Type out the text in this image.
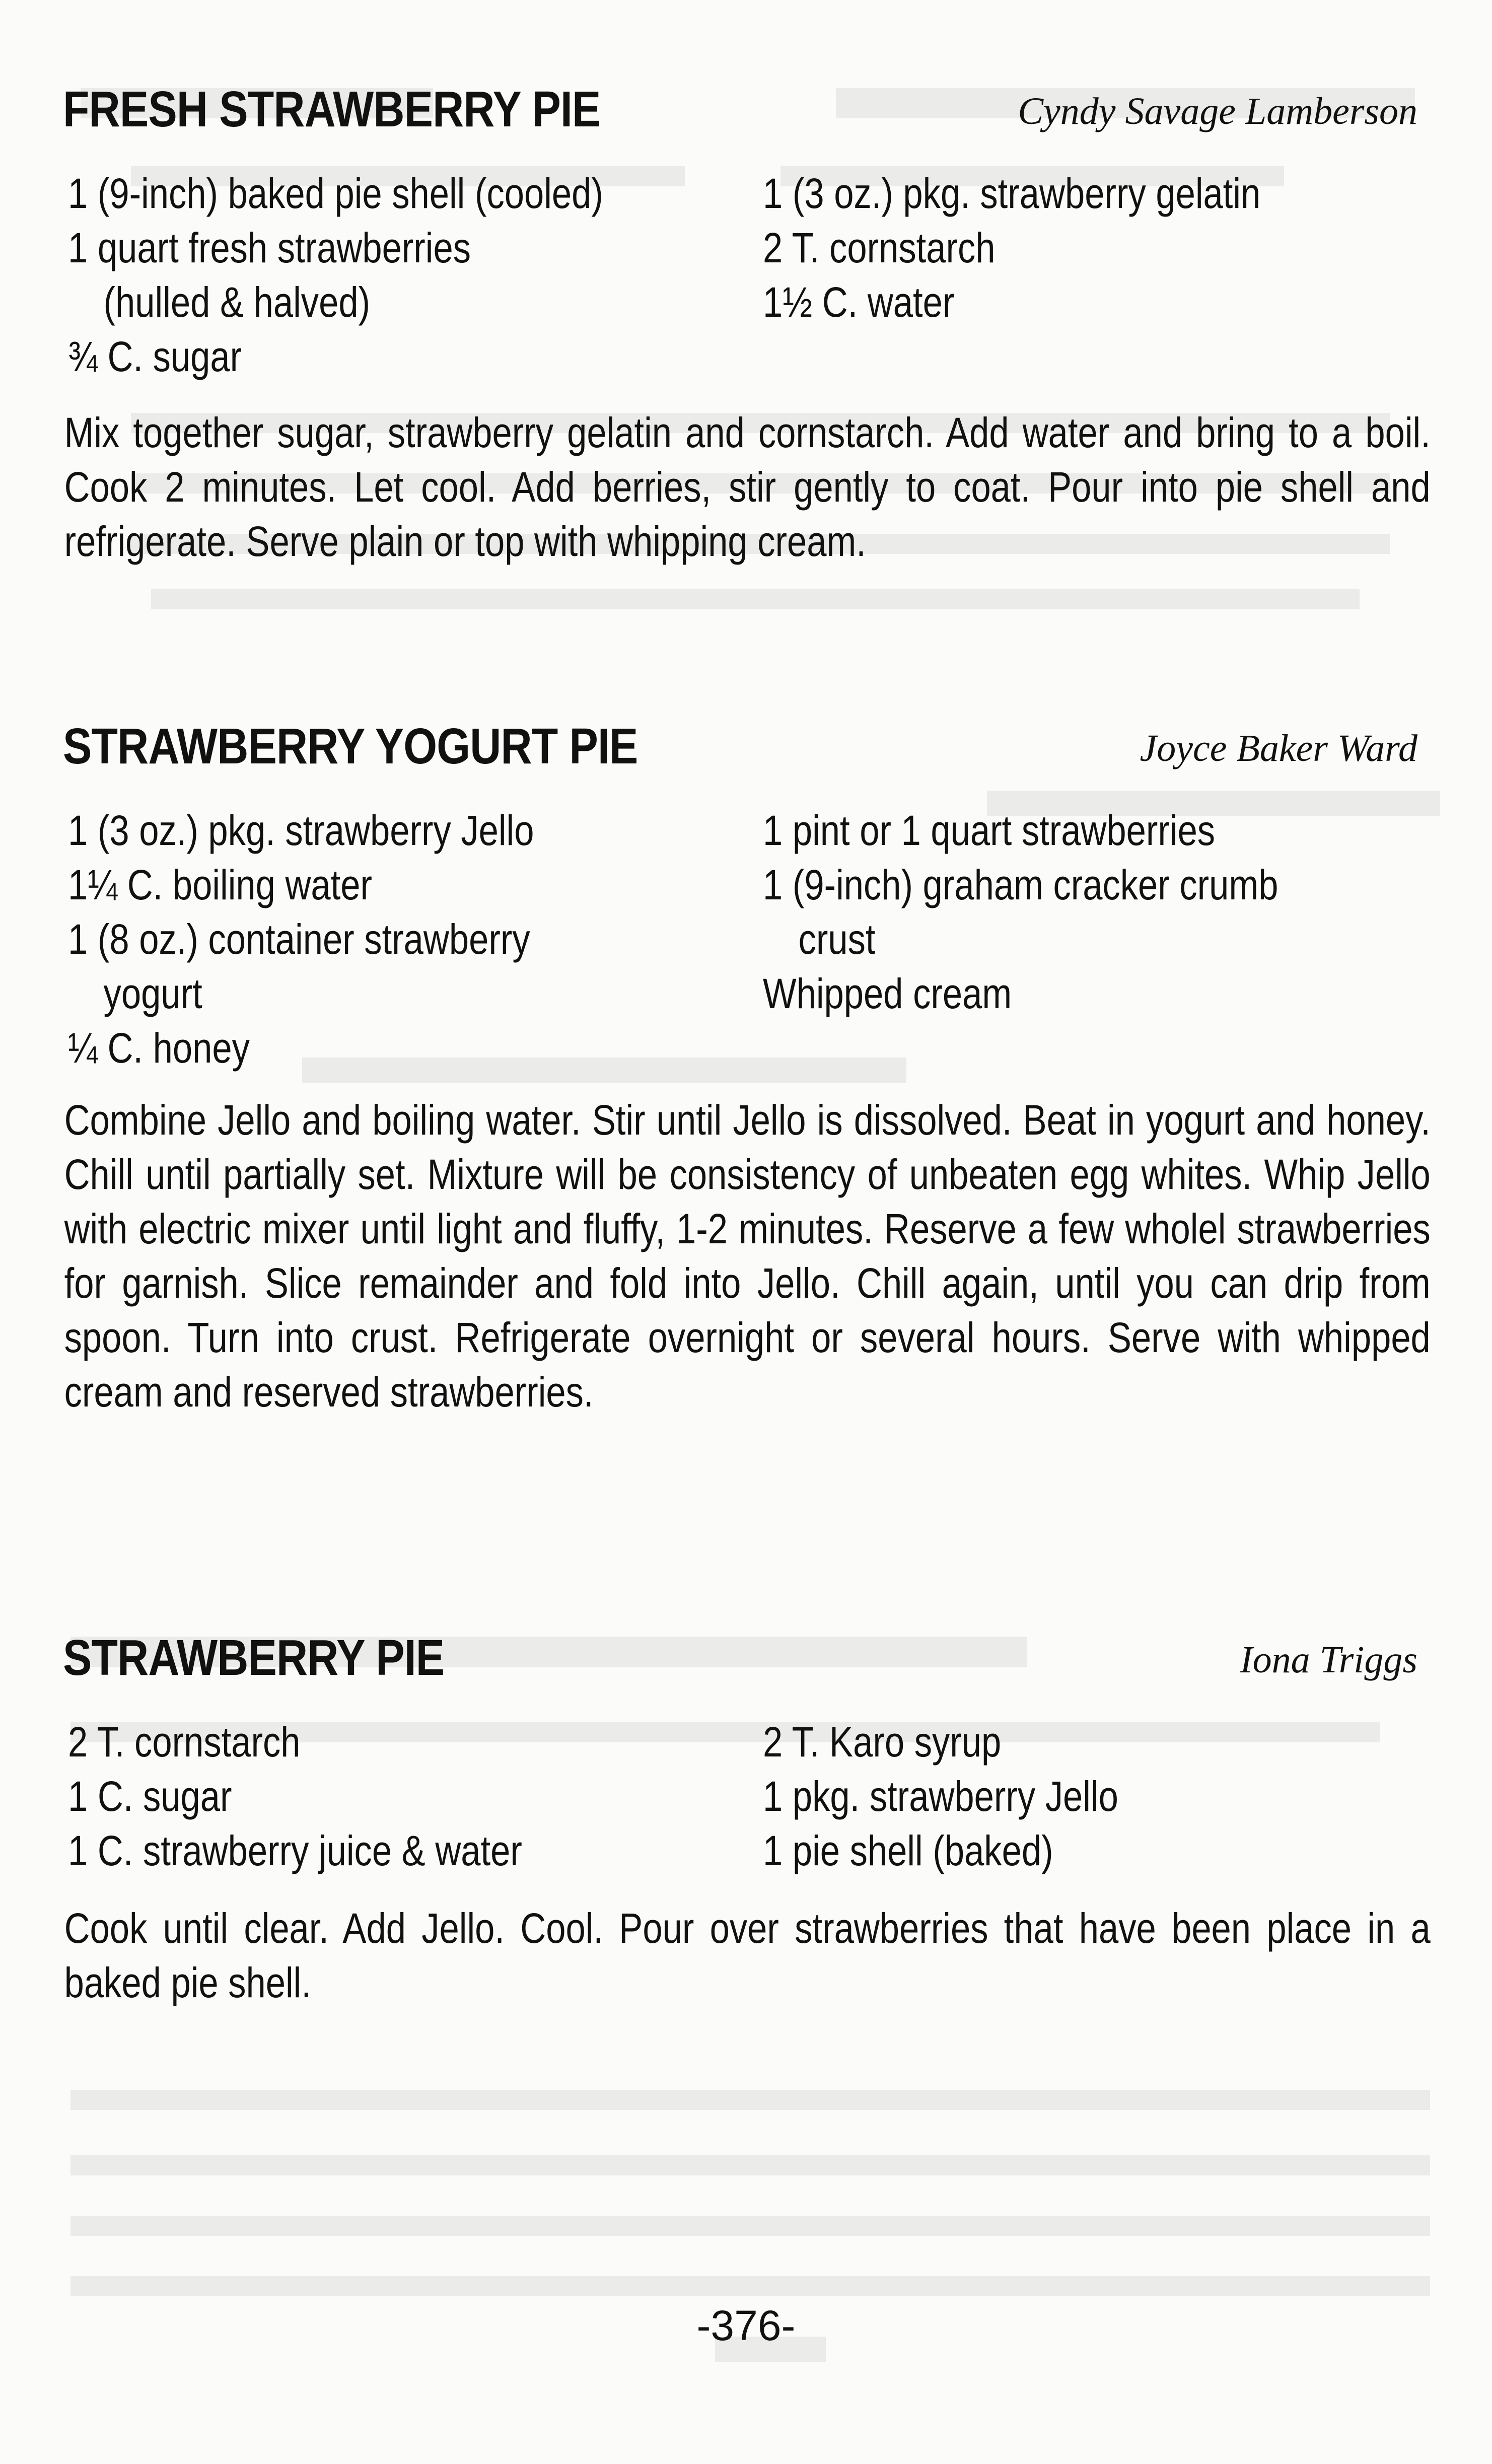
FRESH STRAWBERRY PIE	Cyndy Savage Lamberson
1 (9-inch) baked pie shell (cooled)
1 quart fresh strawberries
(hulled & halved)
¾ C. sugar
1 (3 oz.) pkg. strawberry gelatin
2 T. cornstarch
1½ C. water

Mix together sugar, strawberry gelatin and cornstarch. Add water and bring to a boil. Cook 2 minutes. Let cool. Add berries, stir gently to coat. Pour into pie shell and refrigerate. Serve plain or top with whipping cream.

STRAWBERRY YOGURT PIE	Joyce Baker Ward
1 (3 oz.) pkg. strawberry Jello
1¼ C. boiling water
1 (8 oz.) container strawberry
yogurt
¼ C. honey
1 pint or 1 quart strawberries
1 (9-inch) graham cracker crumb
crust
Whipped cream

Combine Jello and boiling water. Stir until Jello is dissolved. Beat in yogurt and honey. Chill until partially set. Mixture will be consistency of unbeaten egg whites. Whip Jello with electric mixer until light and fluffy, 1-2 minutes. Reserve a few wholel strawberries for garnish. Slice remainder and fold into Jello. Chill again, until you can drip from spoon. Turn into crust. Refrigerate overnight or several hours. Serve with whipped cream and reserved strawberries.

STRAWBERRY PIE	Iona Triggs
2 T. cornstarch
1 C. sugar
1 C. strawberry juice & water
2 T. Karo syrup
1 pkg. strawberry Jello
1 pie shell (baked)

Cook until clear. Add Jello. Cool. Pour over strawberries that have been place in a baked pie shell.

-376-
